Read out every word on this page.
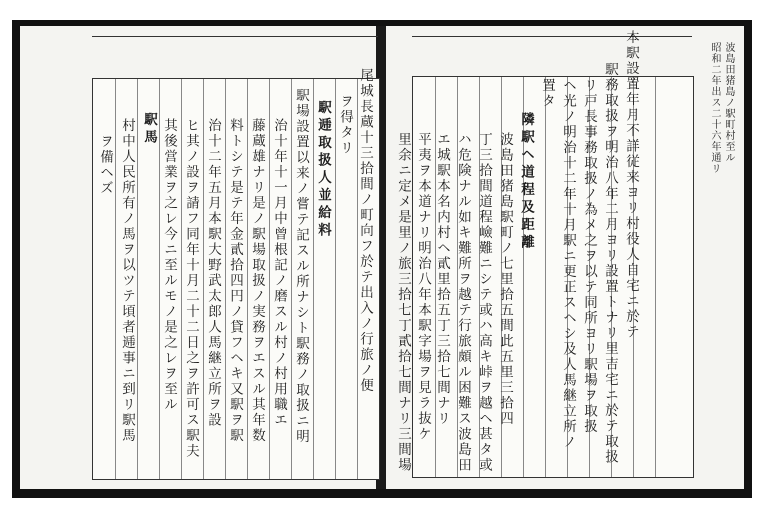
尾城長蔵十三拾間ノ町向フ於テ出入ノ行旅ノ便
ヲ得タリ
駅逓取扱人並給料
駅場設置以来ノ嘗テ記スル所ナシト駅務ノ取扱ニ明
治十年十一月中曾根記ノ磨スル村ノ村用職エ
藤蔵雄ナリ是ノ駅場取扱ノ実務ヲエスル其年数
料トシテ是テ年金貳拾四円ノ貸フヘキ又駅ヲ駅
治十二年五月本駅大野武太郎人馬継立所ヲ設
ヒ其ノ設ヲ請フ同年十月二十二日之ヲ許可ス駅夫
其後営業ヲ之レ今ニ至ルモノ是之レヲ至ル
駅馬
村中人民所有ノ馬ヲ以ツテ頃者逓事ニ到リ駅馬
ヲ備ヘズ
波島田猪島ノ駅町村至ル
昭和二年出ス二十六年通リ
本駅設置年月不詳従来ヨリ村役人自宅ニ於テ
駅務取扱ヲ明治八年二月ヨリ設置トナリ里吉宅ニ於テ取扱
リ戸長事務取扱ノ為メ之ヲ以テ同所ヨリ駅場ヲ取扱
ヘ光ノ明治十二年十月駅ニ更正スヘシ及人馬継立所ノ
置タ
隣駅ヘ道程及距離
波島田猪島駅町ノ七里拾五間此五里三拾四
丁三拾間道程嶮難ニシテ或ハ高キ峠ヲ越ヘ甚タ或
ハ危険ナル如キ難所ヲ越テ行旅頗ル困難ス波島田
エ城駅本名内村ヘ貳里拾五丁三拾七間ナリ
平夷ヲ本道ナリ明治八年本駅字場ヲ見ラ抜ケ
里余ニ定メ是里ノ旅三拾七丁貳拾七間ナリ三間場
